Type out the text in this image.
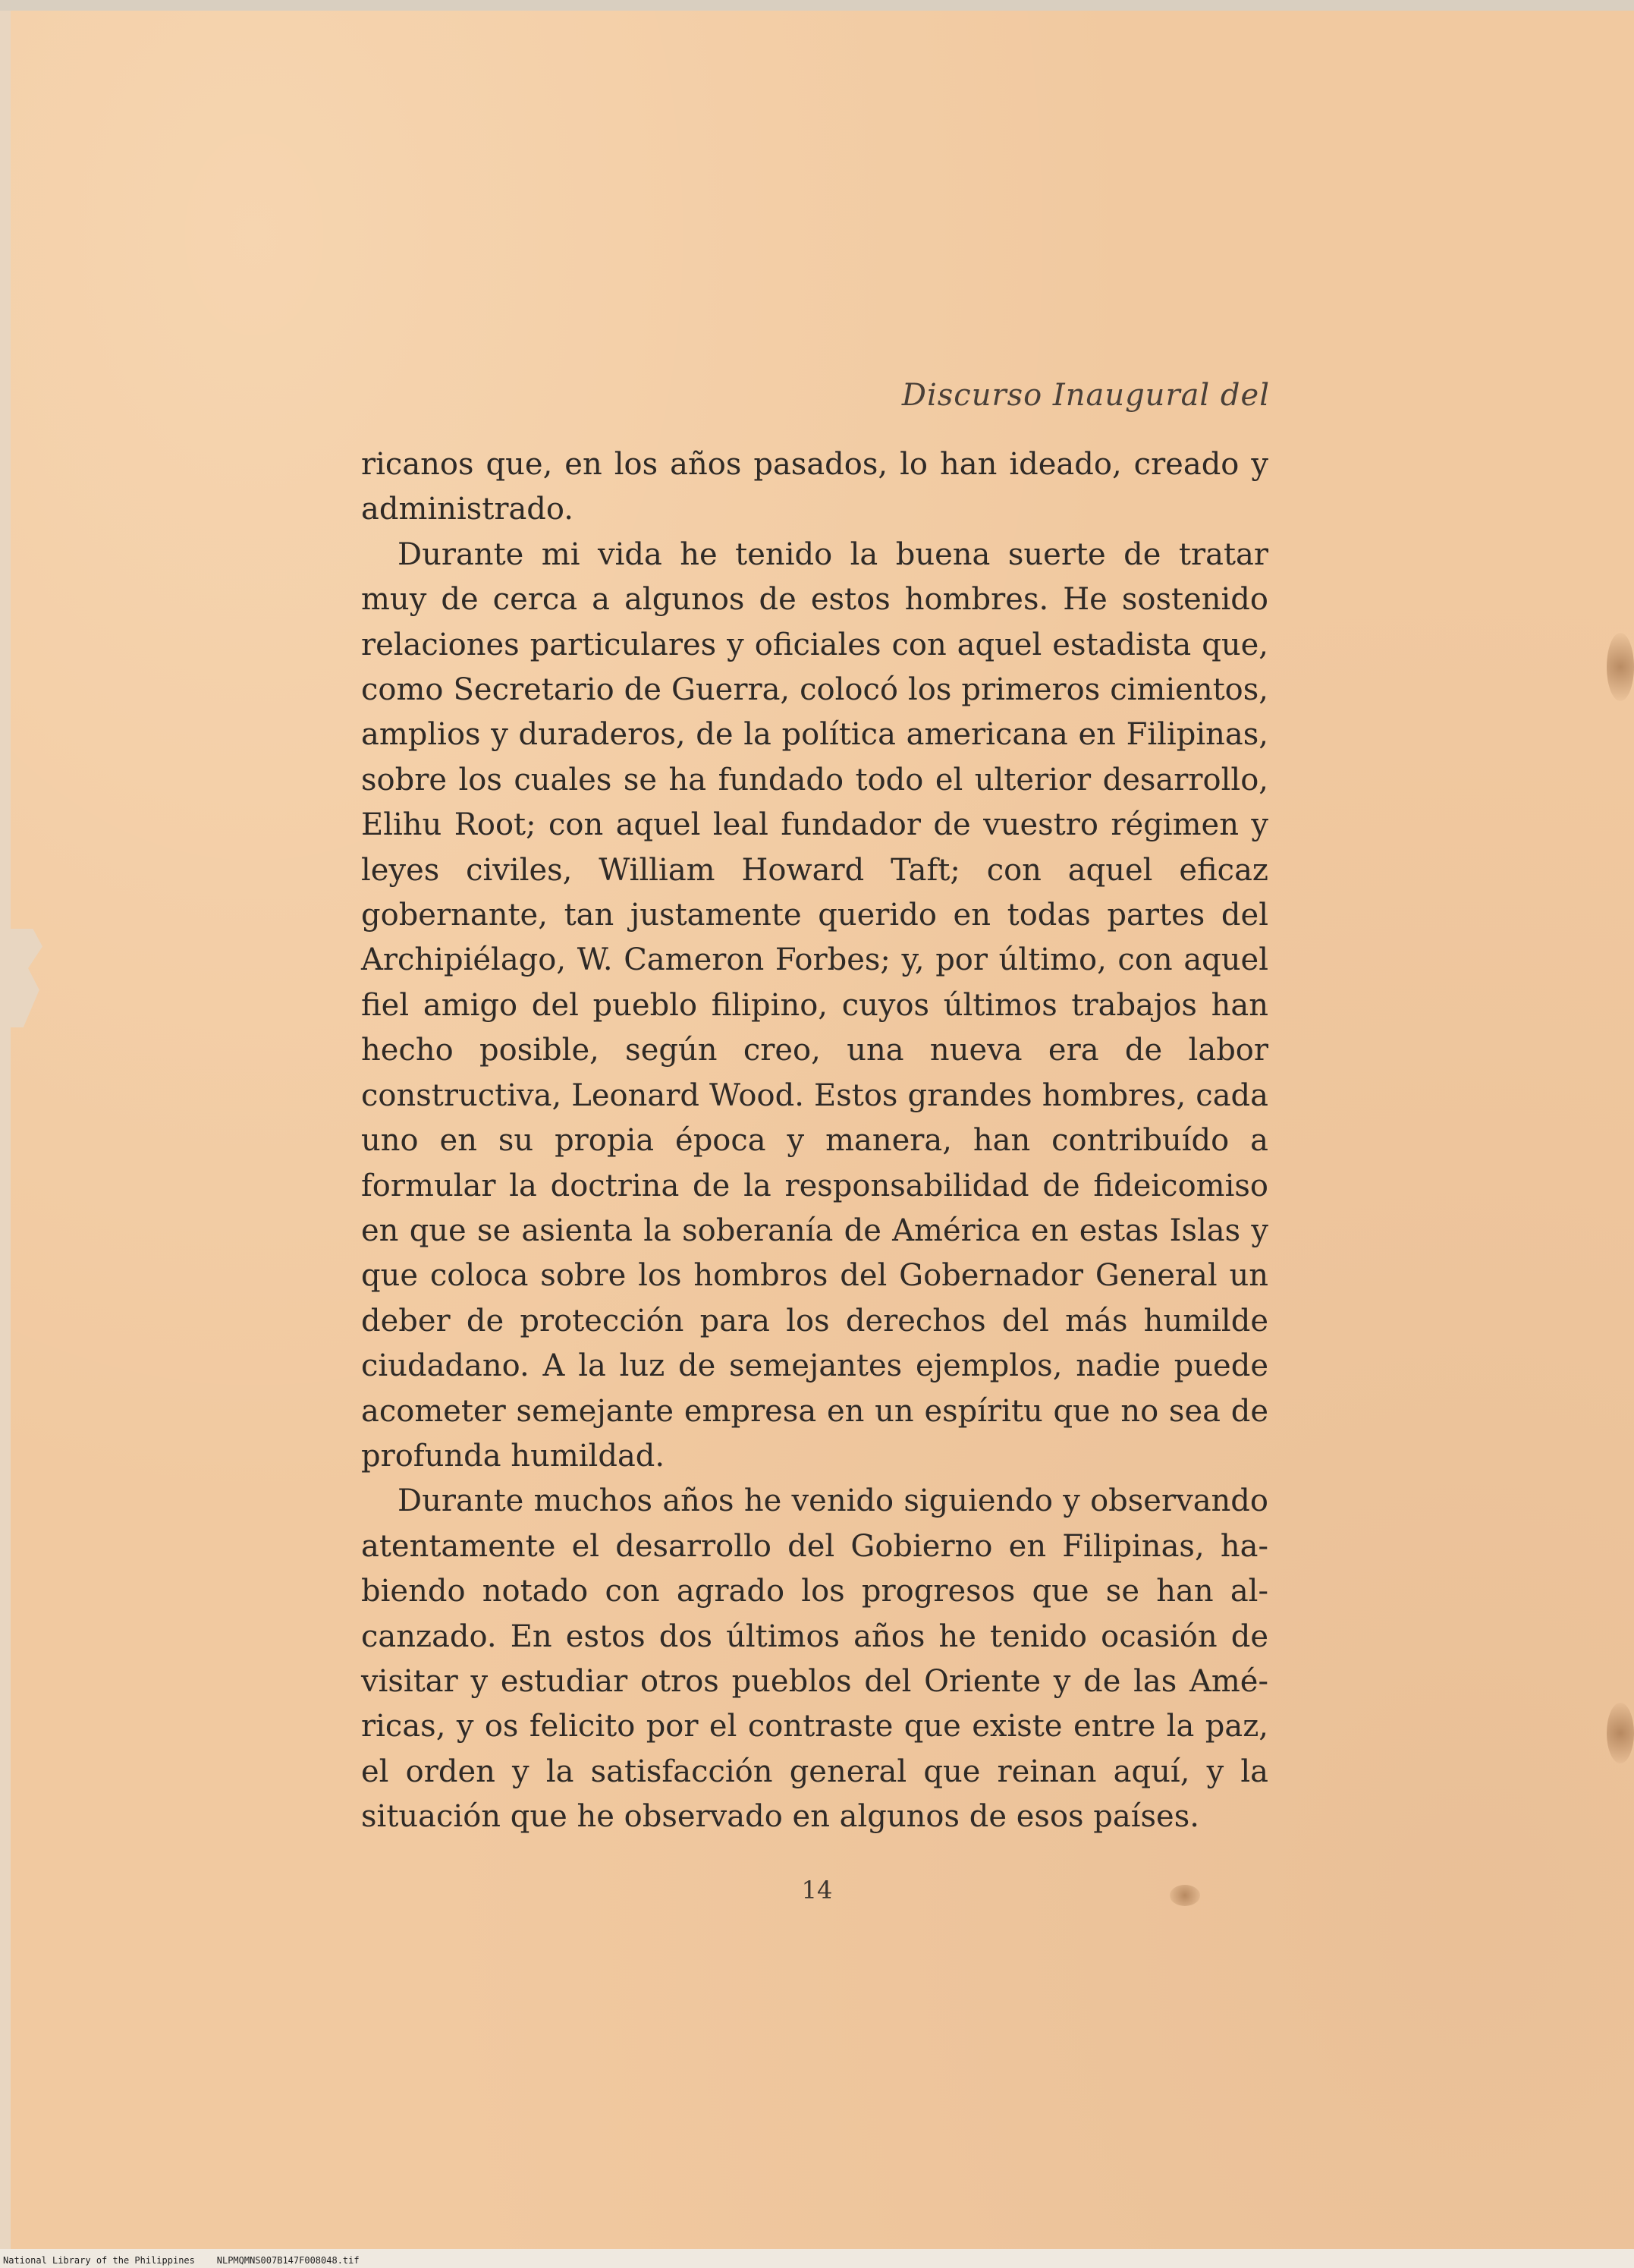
Discurso Inaugural del

ricanos que, en los años pasados, lo han ideado, creado y administrado.

Durante mi vida he tenido la buena suerte de tratar muy de cerca a algunos de estos hombres. He sostenido relaciones particulares y oficiales con aquel estadista que, como Secretario de Guerra, colocó los primeros cimientos, amplios y duraderos, de la política americana en Filipinas, sobre los cuales se ha fundado todo el ulterior desarrollo, Elihu Root; con aquel leal fundador de vuestro régimen y leyes civiles, William Howard Taft; con aquel eficaz gobernante, tan justamente querido en todas partes del Archipiélago, W. Cameron Forbes; y, por último, con aquel fiel amigo del pueblo filipino, cuyos últimos trabajos han hecho posible, según creo, una nueva era de labor constructiva, Leonard Wood. Estos grandes hombres, cada uno en su propia época y manera, han contribuído a formular la doctrina de la responsabilidad de fideicomiso en que se asienta la soberanía de América en estas Islas y que coloca sobre los hombros del Gobernador General un deber de protección para los derechos del más humilde ciudadano. A la luz de semejantes ejemplos, nadie puede acometer semejante empresa en un espíritu que no sea de profunda humildad.

Durante muchos años he venido siguiendo y observando atentamente el desarrollo del Gobierno en Filipinas, habiendo notado con agrado los progresos que se han alcanzado. En estos dos últimos años he tenido ocasión de visitar y estudiar otros pueblos del Oriente y de las Américas, y os felicito por el contraste que existe entre la paz, el orden y la satisfacción general que reinan aquí, y la situación que he observado en algunos de esos países.

14
National Library of the Philippines    NLPMQMNS007B147F008048.tif
